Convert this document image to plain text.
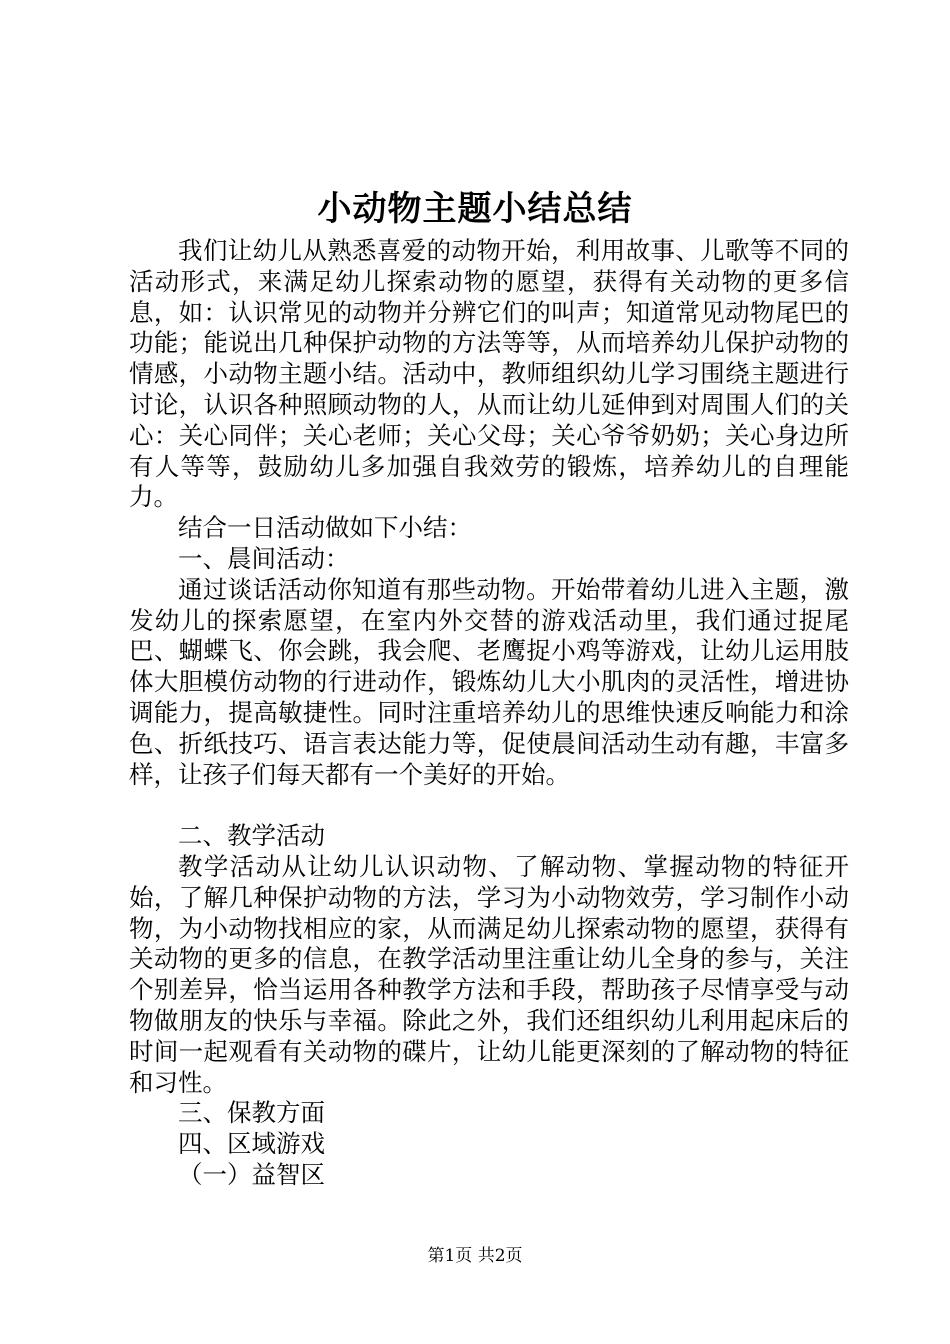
小动物主题小结总结

我们让幼儿从熟悉喜爱的动物开始，利用故事、儿歌等不同的活动形式，来满足幼儿探索动物的愿望，获得有关动物的更多信息，如：认识常见的动物并分辨它们的叫声；知道常见动物尾巴的功能；能说出几种保护动物的方法等等，从而培养幼儿保护动物的情感，小动物主题小结。活动中，教师组织幼儿学习围绕主题进行讨论，认识各种照顾动物的人，从而让幼儿延伸到对周围人们的关心：关心同伴；关心老师；关心父母；关心爷爷奶奶；关心身边所有人等等，鼓励幼儿多加强自我效劳的锻炼，培养幼儿的自理能力。

结合一日活动做如下小结：

一、晨间活动：

通过谈话活动你知道有那些动物。开始带着幼儿进入主题，激发幼儿的探索愿望，在室内外交替的游戏活动里，我们通过捉尾巴、蝴蝶飞、你会跳，我会爬、老鹰捉小鸡等游戏，让幼儿运用肢体大胆模仿动物的行进动作，锻炼幼儿大小肌肉的灵活性，增进协调能力，提高敏捷性。同时注重培养幼儿的思维快速反响能力和涂色、折纸技巧、语言表达能力等，促使晨间活动生动有趣，丰富多样，让孩子们每天都有一个美好的开始。

二、教学活动

教学活动从让幼儿认识动物、了解动物、掌握动物的特征开始，了解几种保护动物的方法，学习为小动物效劳，学习制作小动物，为小动物找相应的家，从而满足幼儿探索动物的愿望，获得有关动物的更多的信息，在教学活动里注重让幼儿全身的参与，关注个别差异，恰当运用各种教学方法和手段，帮助孩子尽情享受与动物做朋友的快乐与幸福。除此之外，我们还组织幼儿利用起床后的时间一起观看有关动物的碟片，让幼儿能更深刻的了解动物的特征和习性。

三、保教方面

四、区域游戏

（一）益智区

第1页 共2页
